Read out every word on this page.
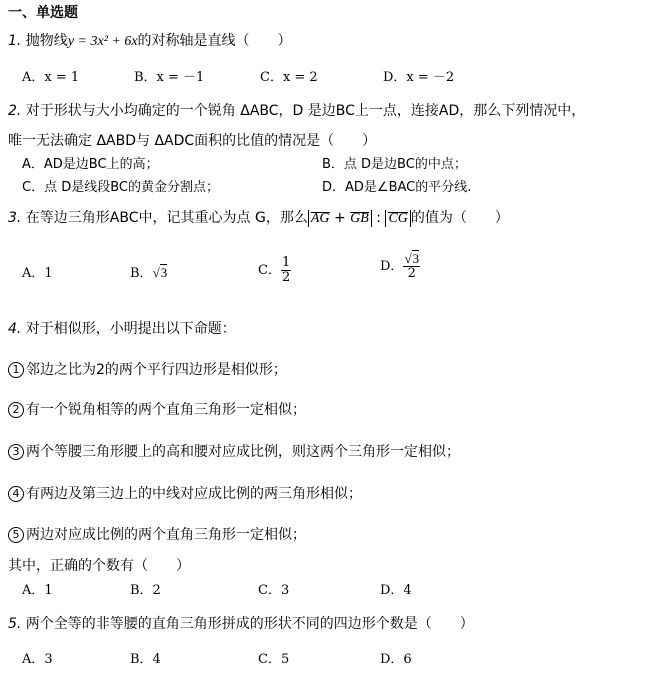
一、单选题
1. 抛物线y = 3x² + 6x的对称轴是直线（　　）
A．x = 1	B．x = －1	C．x = 2	D．x = －2
2. 对于形状与大小均确定的一个锐角 ΔABC，D 是边BC上一点，连接AD，那么下列情况中，
唯一无法确定 ΔABD与 ΔADC面积的比值的情况是（　　）
A．AD是边BC上的高；	B．点 D是边BC的中点；
C．点 D是线段BC的黄金分割点；	D．AD是∠BAC的平分线.
3. 在等边三角形ABC中，记其重心为点 G，那么 AG + GB : CG 的值为（　　）
A．1	B．√3	C． $\frac{1}{2}$	D． $\frac{√3}{2}$
4. 对于相似形，小明提出以下命题：
1 邻边之比为2的两个平行四边形是相似形；
2 有一个锐角相等的两个直角三角形一定相似；
3 两个等腰三角形腰上的高和腰对应成比例，则这两个三角形一定相似；
4 有两边及第三边上的中线对应成比例的两三角形相似；
5 两边对应成比例的两个直角三角形一定相似；
其中，正确的个数有（　　）
A．1	B．2	C．3	D．4
5. 两个全等的非等腰的直角三角形拼成的形状不同的四边形个数是（　　）
A．3	B．4	C．5	D．6
